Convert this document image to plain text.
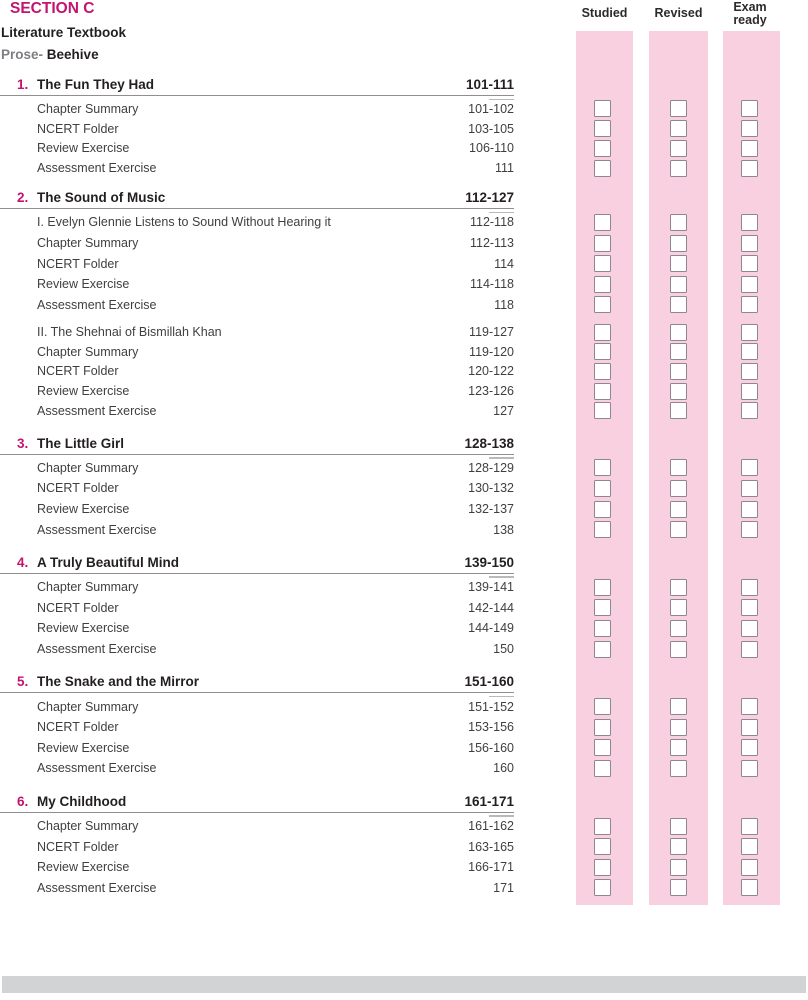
SECTION C
Literature Textbook
Prose- Beehive
Studied	Revised	Exam ready
1. The Fun They Had	101-111
Chapter Summary	101-102
NCERT Folder	103-105
Review Exercise	106-110
Assessment Exercise	111
2. The Sound of Music	112-127
I. Evelyn Glennie Listens to Sound Without Hearing it	112-118
Chapter Summary	112-113
NCERT Folder	114
Review Exercise	114-118
Assessment Exercise	118
II. The Shehnai of Bismillah Khan	119-127
Chapter Summary	119-120
NCERT Folder	120-122
Review Exercise	123-126
Assessment Exercise	127
3. The Little Girl	128-138
Chapter Summary	128-129
NCERT Folder	130-132
Review Exercise	132-137
Assessment Exercise	138
4. A Truly Beautiful Mind	139-150
Chapter Summary	139-141
NCERT Folder	142-144
Review Exercise	144-149
Assessment Exercise	150
5. The Snake and the Mirror	151-160
Chapter Summary	151-152
NCERT Folder	153-156
Review Exercise	156-160
Assessment Exercise	160
6. My Childhood	161-171
Chapter Summary	161-162
NCERT Folder	163-165
Review Exercise	166-171
Assessment Exercise	171
